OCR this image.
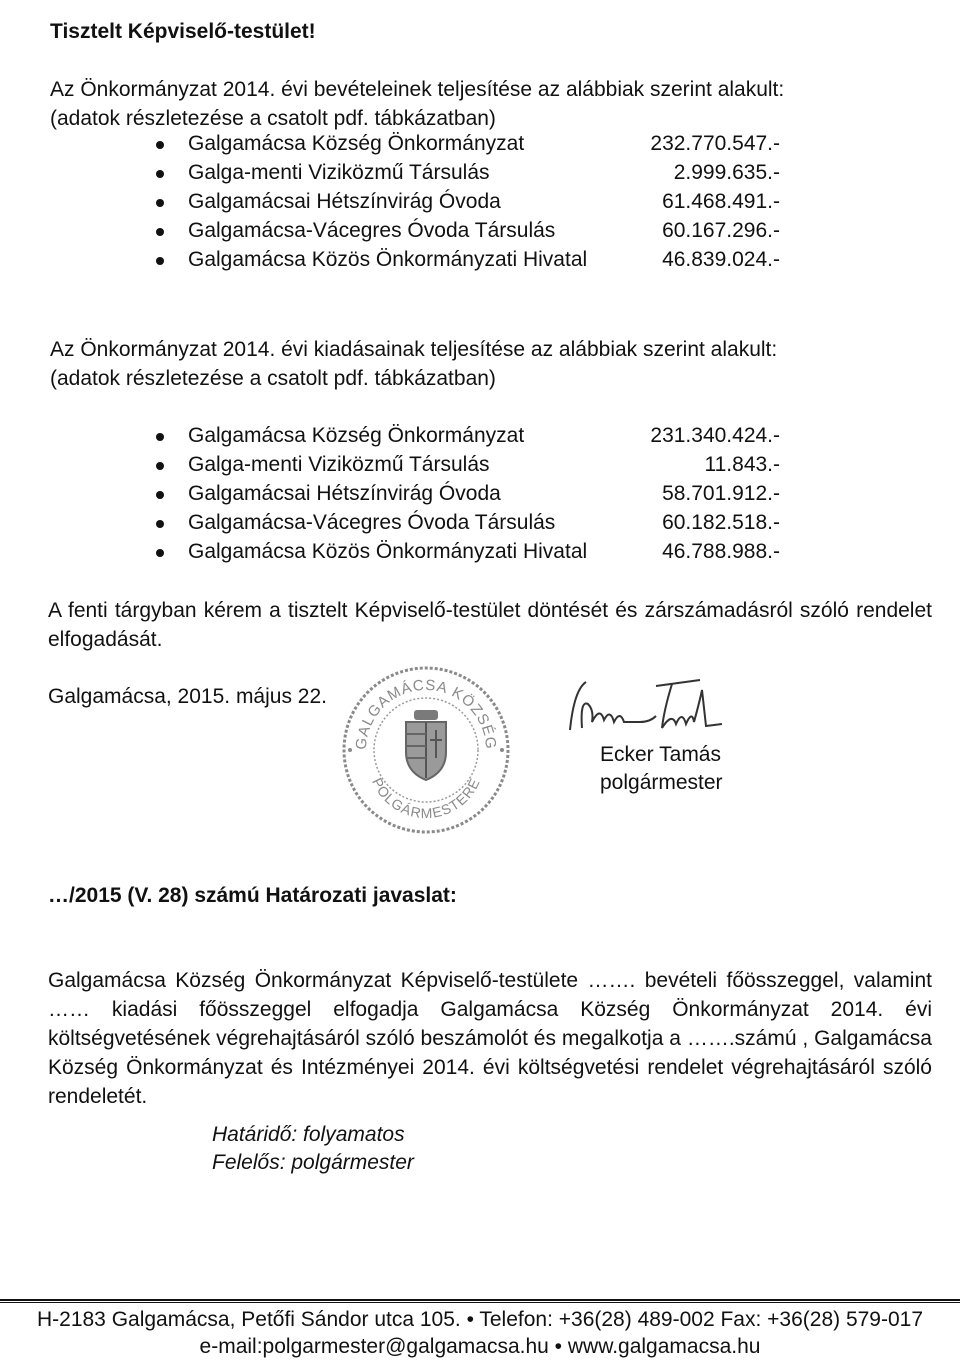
Tisztelt Képviselő-testület!
Az Önkormányzat 2014. évi bevételeinek teljesítése az alábbiak szerint alakult:
(adatok részletezése a csatolt pdf. tábkázatban)
Galgamácsa Község Önkormányzat	232.770.547.-
Galga-menti Viziközmű Társulás	2.999.635.-
Galgamácsai Hétszínvirág Óvoda	61.468.491.-
Galgamácsa-Vácegres Óvoda Társulás	60.167.296.-
Galgamácsa Közös Önkormányzati Hivatal	46.839.024.-
Az Önkormányzat 2014. évi kiadásainak teljesítése az alábbiak szerint alakult:
(adatok részletezése a csatolt pdf. tábkázatban)
Galgamácsa Község Önkormányzat	231.340.424.-
Galga-menti Viziközmű Társulás	11.843.-
Galgamácsai Hétszínvirág Óvoda	58.701.912.-
Galgamácsa-Vácegres Óvoda Társulás	60.182.518.-
Galgamácsa Közös Önkormányzati Hivatal	46.788.988.-
A fenti tárgyban kérem a tisztelt Képviselő-testület döntését és zárszámadásról szóló rendelet elfogadását.
Galgamácsa, 2015. május 22.
GALGAMÁCSA KÖZSÉG
POLGÁRMESTERE
Ecker Tamás
polgármester
…/2015 (V. 28) számú Határozati javaslat:
Galgamácsa Község Önkormányzat Képviselő-testülete ……. bevételi főösszeggel, valamint …… kiadási főösszeggel elfogadja Galgamácsa Község Önkormányzat 2014. évi költségvetésének végrehajtásáról szóló beszámolót és megalkotja a …….számú , Galgamácsa Község Önkormányzat és Intézményei 2014. évi költségvetési rendelet végrehajtásáról szóló rendeletét.
Határidő: folyamatos
Felelős: polgármester
H-2183 Galgamácsa, Petőfi Sándor utca 105. • Telefon: +36(28) 489-002 Fax: +36(28) 579-017
e-mail:polgarmester@galgamacsa.hu • www.galgamacsa.hu
